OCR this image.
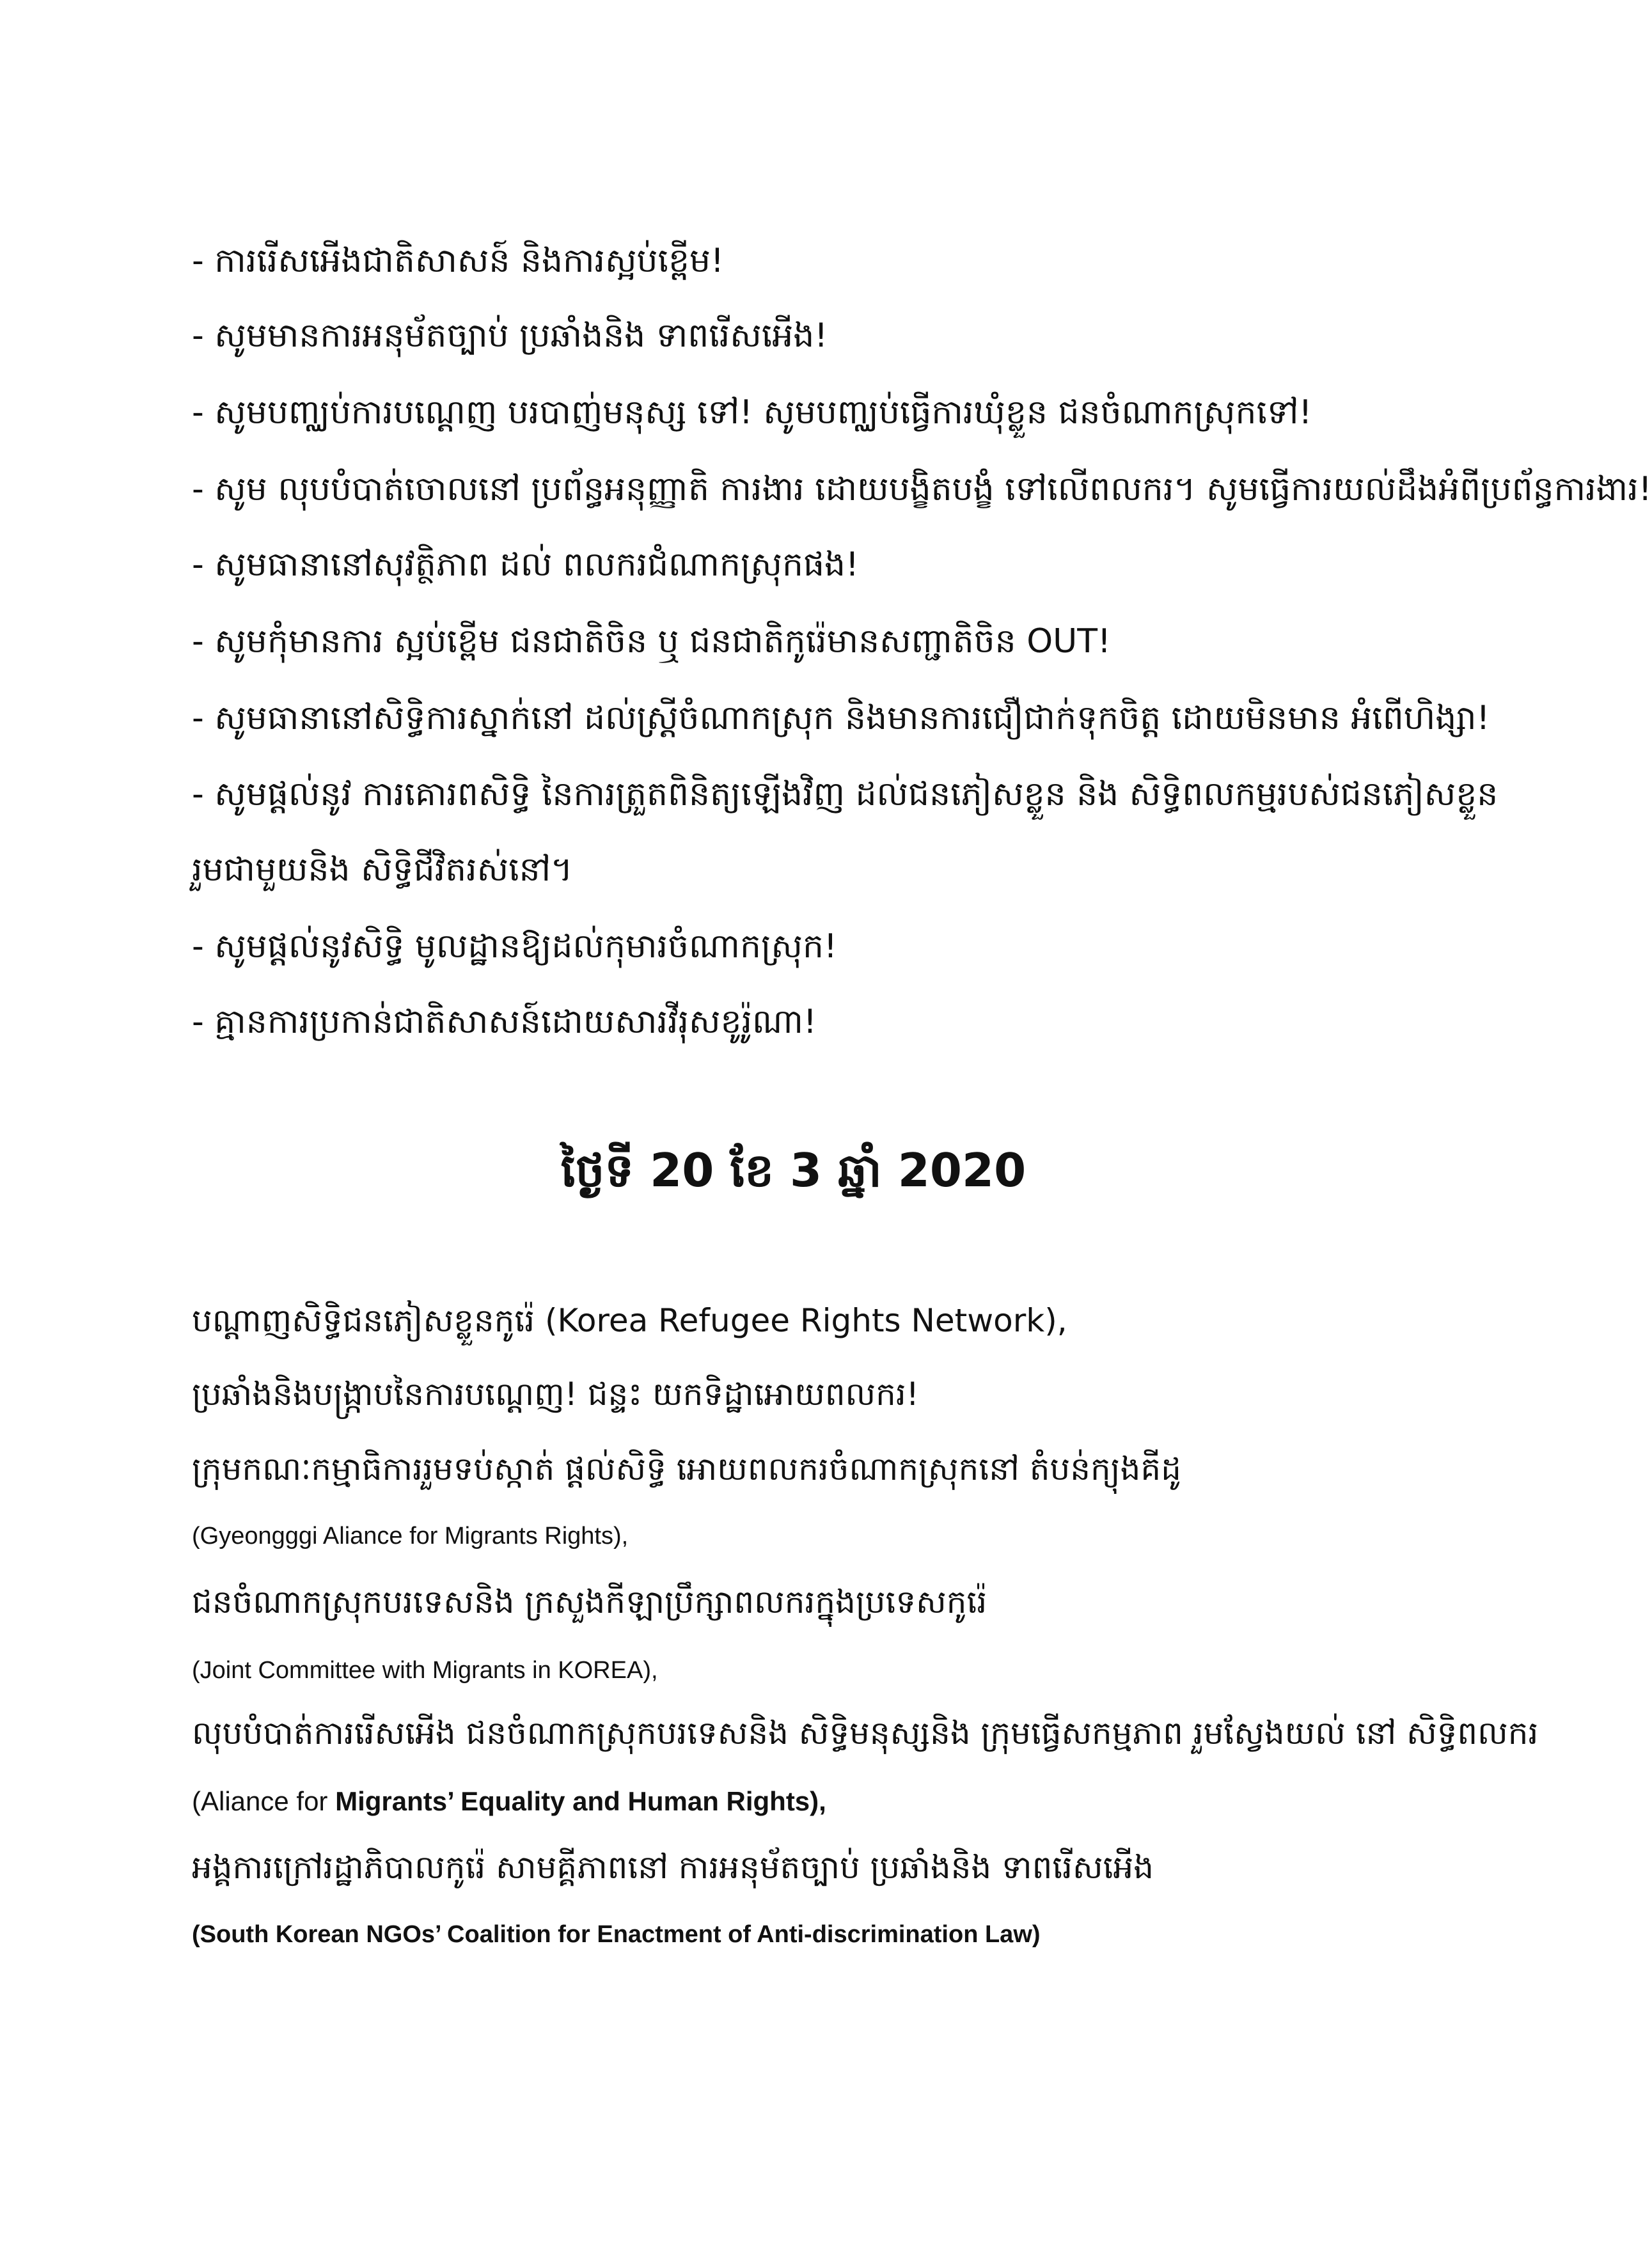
- ការរើសអើងជាតិសាសន៍ និងការស្អប់ខ្ពើម!
- សូមមានការអនុម័តច្បាប់ ប្រឆាំងនិង ទាពរើសអើង!
- សូមបញ្ឈប់ការបណ្តេញ បរបាញ់មនុស្ស ទៅ! សូមបញ្ឈប់ធ្វើការឃុំខ្លួន ជនចំណាកស្រុកទៅ!
- សូម លុបបំបាត់ចោលនៅ ប្រព័ន្ធអនុញ្ញាតិ ការងារ ដោយបង្ខិតបង្ខំ ទៅលើពលករ។ សូមធ្វើការយល់ដឹងអំពីប្រព័ន្ធការងារ!
- សូមធានានៅសុវត្ថិភាព ដល់ ពលករជំណាកស្រុកផង!
- សូមកុំមានការ ស្អប់ខ្ពើម ជនជាតិចិន ឬ ជនជាតិកូរ៉េមានសញ្ជាតិចិន OUT!
- សូមធានានៅសិទ្ធិការស្នាក់នៅ ដល់ស្ត្រីចំណាកស្រុក និងមានការជឿជាក់ទុកចិត្ត ដោយមិនមាន អំពើហិង្សា!
- សូមផ្តល់នូវ ការគោរពសិទ្ធិ នៃការត្រួតពិនិត្យឡើងវិញ ដល់ជនភៀសខ្លួន និង សិទ្ធិពលកម្មរបស់ជនភៀសខ្លួន
រួមជាមួយនិង សិទ្ធិជីវិតរស់នៅ។
- សូមផ្តល់នូវសិទ្ធិ មូលដ្ឋានឱ្យដល់កុមារចំណាកស្រុក!
- គ្មានការប្រកាន់ជាតិសាសន៍ដោយសារវីរុសខូរ៉ូណា!
ថ្ងៃទី 20 ខែ 3 ឆ្នាំ 2020
បណ្តាញសិទ្ធិជនភៀសខ្លួនកូរ៉េ (Korea Refugee Rights Network),
ប្រឆាំងនិងបង្ក្រាបនៃការបណ្តេញ! ជន្ទះ យកទិដ្ឋាអោយពលករ!
ក្រុមកណៈកម្មាធិការរួមទប់ស្កាត់ ផ្តល់សិទ្ធិ អោយពលករចំណាកស្រុកនៅ តំបន់ក្យុងគីដូ
(Gyeongggi Aliance for Migrants Rights),
ជនចំណាកស្រុកបរទេសនិង ក្រសួងកីឡាប្រឹក្សាពលករក្នុងប្រទេសកូរ៉េ
(Joint Committee with Migrants in KOREA),
លុបបំបាត់ការរើសអើង ជនចំណាកស្រុកបរទេសនិង សិទ្ធិមនុស្សនិង ក្រុមធ្វើសកម្មភាព រួមស្វែងយល់ នៅ សិទ្ធិពលករ
(Aliance for Migrants’ Equality and Human Rights),
អង្គការក្រៅរដ្ឋាភិបាលកូរ៉េ សាមគ្គីភាពនៅ ការអនុម័តច្បាប់ ប្រឆាំងនិង ទាពរើសអើង
(South Korean NGOs’ Coalition for Enactment of Anti-discrimination Law)
